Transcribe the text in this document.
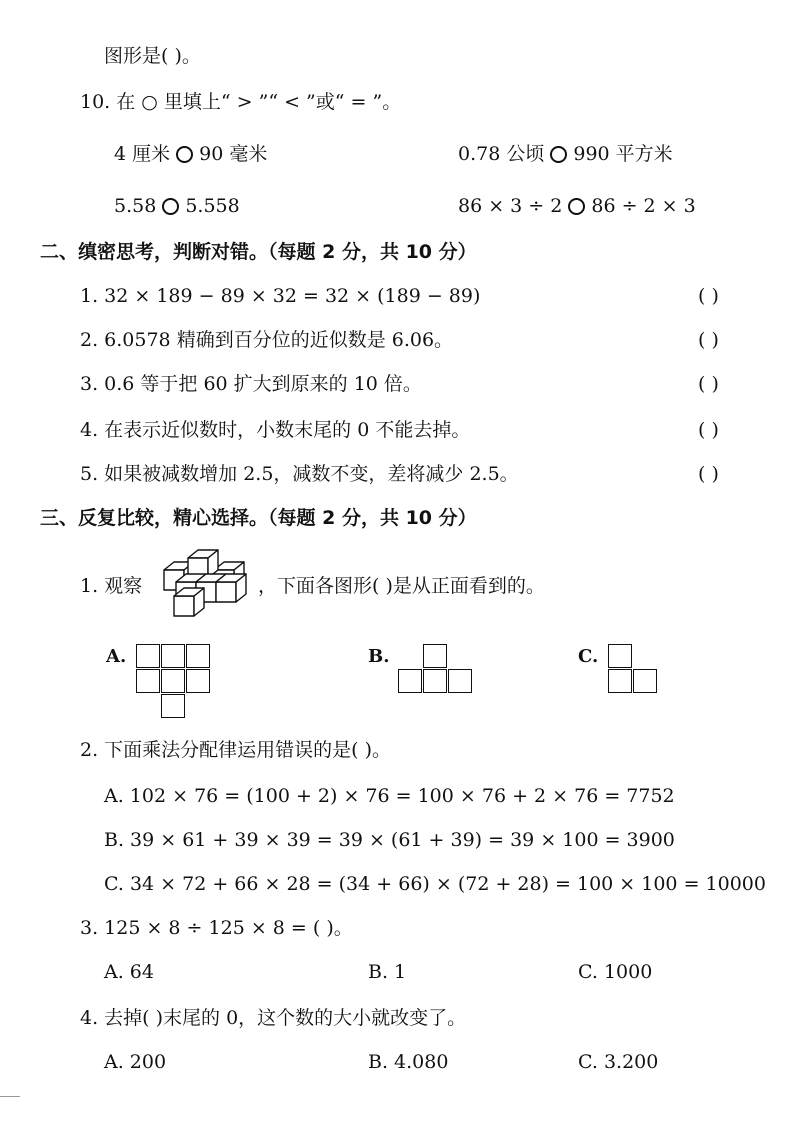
图形是( )。
10. 在 ○ 里填上“ > ”“ < ”或“ = ”。
4 厘米 90 毫米	0.78 公顷 990 平方米
5.58 5.558	86 × 3 ÷ 2 86 ÷ 2 × 3
二、缜密思考，判断对错。（每题 2 分，共 10 分）
1. 32 × 189 − 89 × 32 = 32 × (189 − 89)	( )
2. 6.0578 精确到百分位的近似数是 6.06。	( )
3. 0.6 等于把 60 扩大到原来的 10 倍。	( )
4. 在表示近似数时，小数末尾的 0 不能去掉。	( )
5. 如果被减数增加 2.5，减数不变，差将减少 2.5。	( )
三、反复比较，精心选择。（每题 2 分，共 10 分）
1. 观察	，下面各图形( )是从正面看到的。
A.	B.	C.
2. 下面乘法分配律运用错误的是( )。
A. 102 × 76 = (100 + 2) × 76 = 100 × 76 + 2 × 76 = 7752
B. 39 × 61 + 39 × 39 = 39 × (61 + 39) = 39 × 100 = 3900
C. 34 × 72 + 66 × 28 = (34 + 66) × (72 + 28) = 100 × 100 = 10000
3. 125 × 8 ÷ 125 × 8 = ( )。
A. 64	B. 1	C. 1000
4. 去掉( )末尾的 0，这个数的大小就改变了。
A. 200	B. 4.080	C. 3.200
